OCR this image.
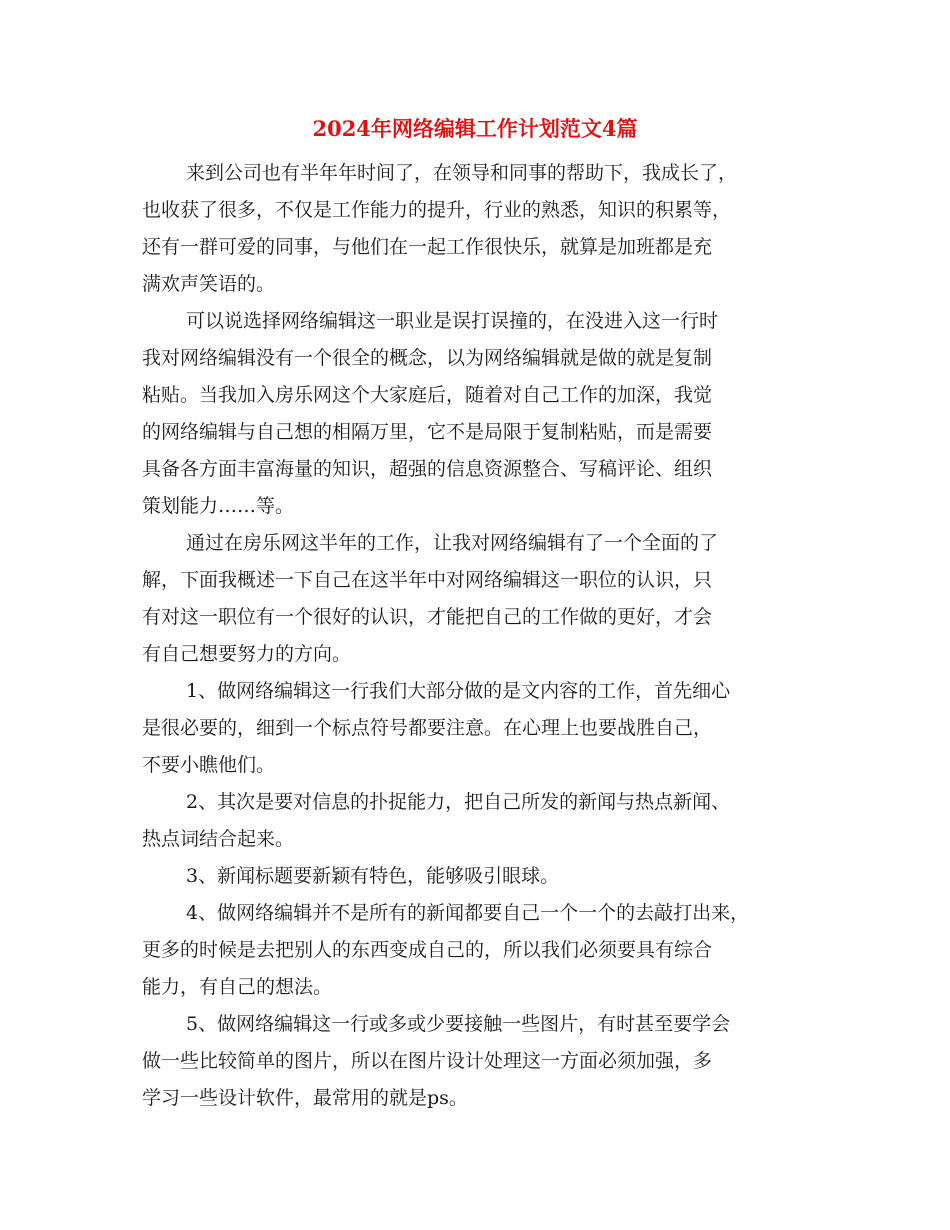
2024年网络编辑工作计划范文4篇
来到公司也有半年年时间了，在领导和同事的帮助下，我成长了，
也收获了很多，不仅是工作能力的提升，行业的熟悉，知识的积累等，
还有一群可爱的同事，与他们在一起工作很快乐，就算是加班都是充
满欢声笑语的。
可以说选择网络编辑这一职业是误打误撞的，在没进入这一行时
我对网络编辑没有一个很全的概念，以为网络编辑就是做的就是复制
粘贴。当我加入房乐网这个大家庭后，随着对自己工作的加深，我觉
的网络编辑与自己想的相隔万里，它不是局限于复制粘贴，而是需要
具备各方面丰富海量的知识，超强的信息资源整合、写稿评论、组织
策划能力……等。
通过在房乐网这半年的工作，让我对网络编辑有了一个全面的了
解，下面我概述一下自己在这半年中对网络编辑这一职位的认识，只
有对这一职位有一个很好的认识，才能把自己的工作做的更好，才会
有自己想要努力的方向。
1、做网络编辑这一行我们大部分做的是文内容的工作，首先细心
是很必要的，细到一个标点符号都要注意。在心理上也要战胜自己，
不要小瞧他们。
2、其次是要对信息的扑捉能力，把自己所发的新闻与热点新闻、
热点词结合起来。
3、新闻标题要新颖有特色，能够吸引眼球。
4、做网络编辑并不是所有的新闻都要自己一个一个的去敲打出来，
更多的时候是去把别人的东西变成自己的，所以我们必须要具有综合
能力，有自己的想法。
5、做网络编辑这一行或多或少要接触一些图片，有时甚至要学会
做一些比较简单的图片，所以在图片设计处理这一方面必须加强，多
学习一些设计软件，最常用的就是ps。
